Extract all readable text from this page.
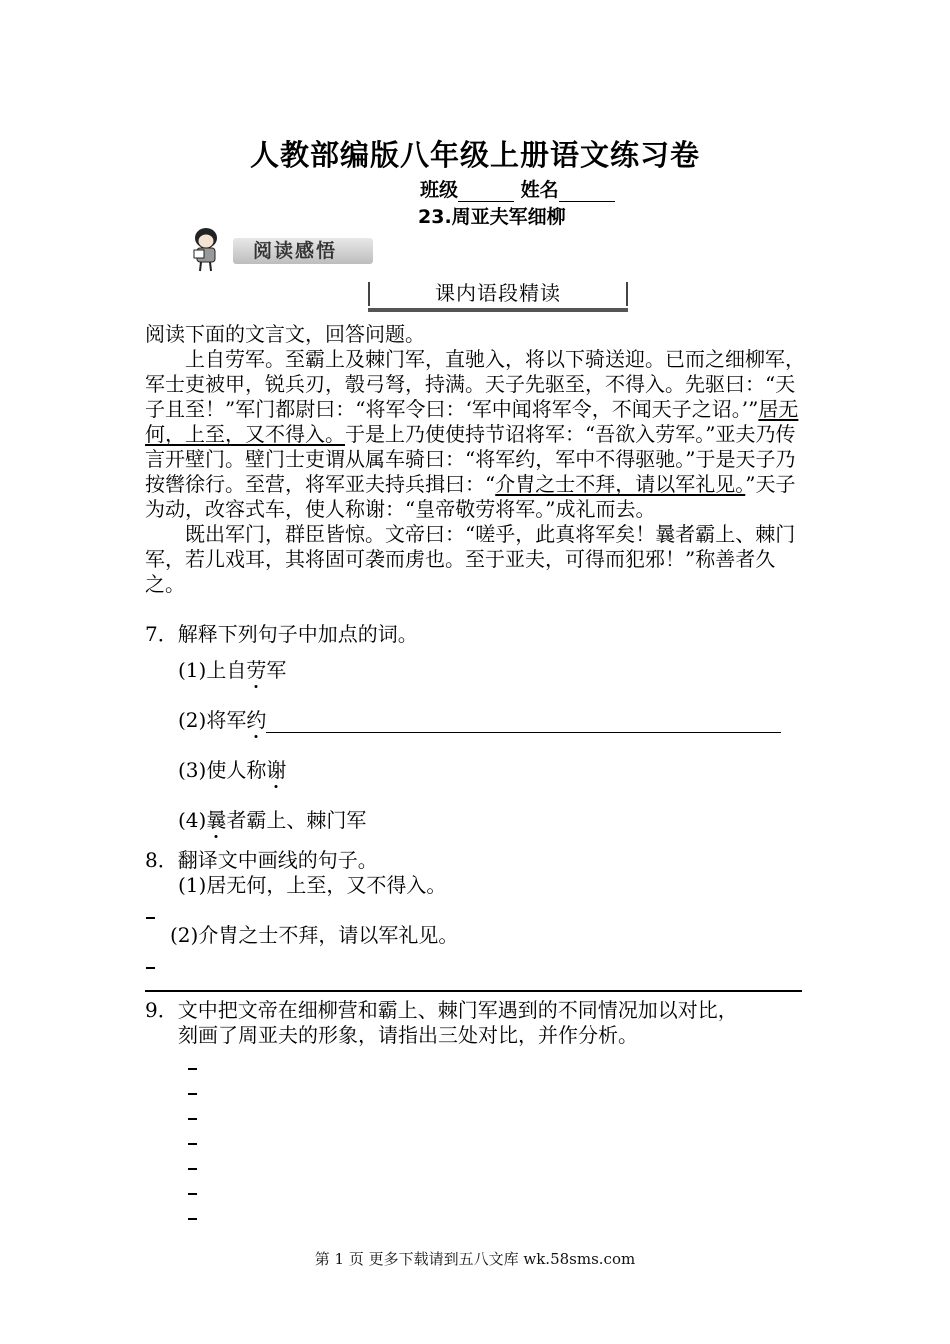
人教部编版八年级上册语文练习卷
班级	姓名
23.周亚夫军细柳
阅读感悟
课内语段精读

阅读下面的文言文，回答问题。

上自劳军。至霸上及棘门军，直驰入，将以下骑送迎。已而之细柳军，军士吏被甲，锐兵刃，彀弓弩，持满。天子先驱至，不得入。先驱曰：“天子且至！”军门都尉曰：“将军令曰：‘军中闻将军令，不闻天子之诏。’”居无何，上至，又不得入。于是上乃使使持节诏将军：“吾欲入劳军。”亚夫乃传言开壁门。壁门士吏谓从属车骑曰：“将军约，军中不得驱驰。”于是天子乃按辔徐行。至营，将军亚夫持兵揖曰：“介胄之士不拜，请以军礼见。”天子为动，改容式车，使人称谢：“皇帝敬劳将军。”成礼而去。

既出军门，群臣皆惊。文帝曰：“嗟乎，此真将军矣！曩者霸上、棘门军，若儿戏耳，其将固可袭而虏也。至于亚夫，可得而犯邪！”称善者久之。

7．解释下列句子中加点的词。
(1)上自劳军
(2)将军约
(3)使人称谢
(4)曩者霸上、棘门军
8．翻译文中画线的句子。
(1)居无何，上至，又不得入。
(2)介胄之士不拜，请以军礼见。
9．文中把文帝在细柳营和霸上、棘门军遇到的不同情况加以对比，
刻画了周亚夫的形象，请指出三处对比，并作分析。
第 1 页 更多下载请到五八文库 wk.58sms.com
